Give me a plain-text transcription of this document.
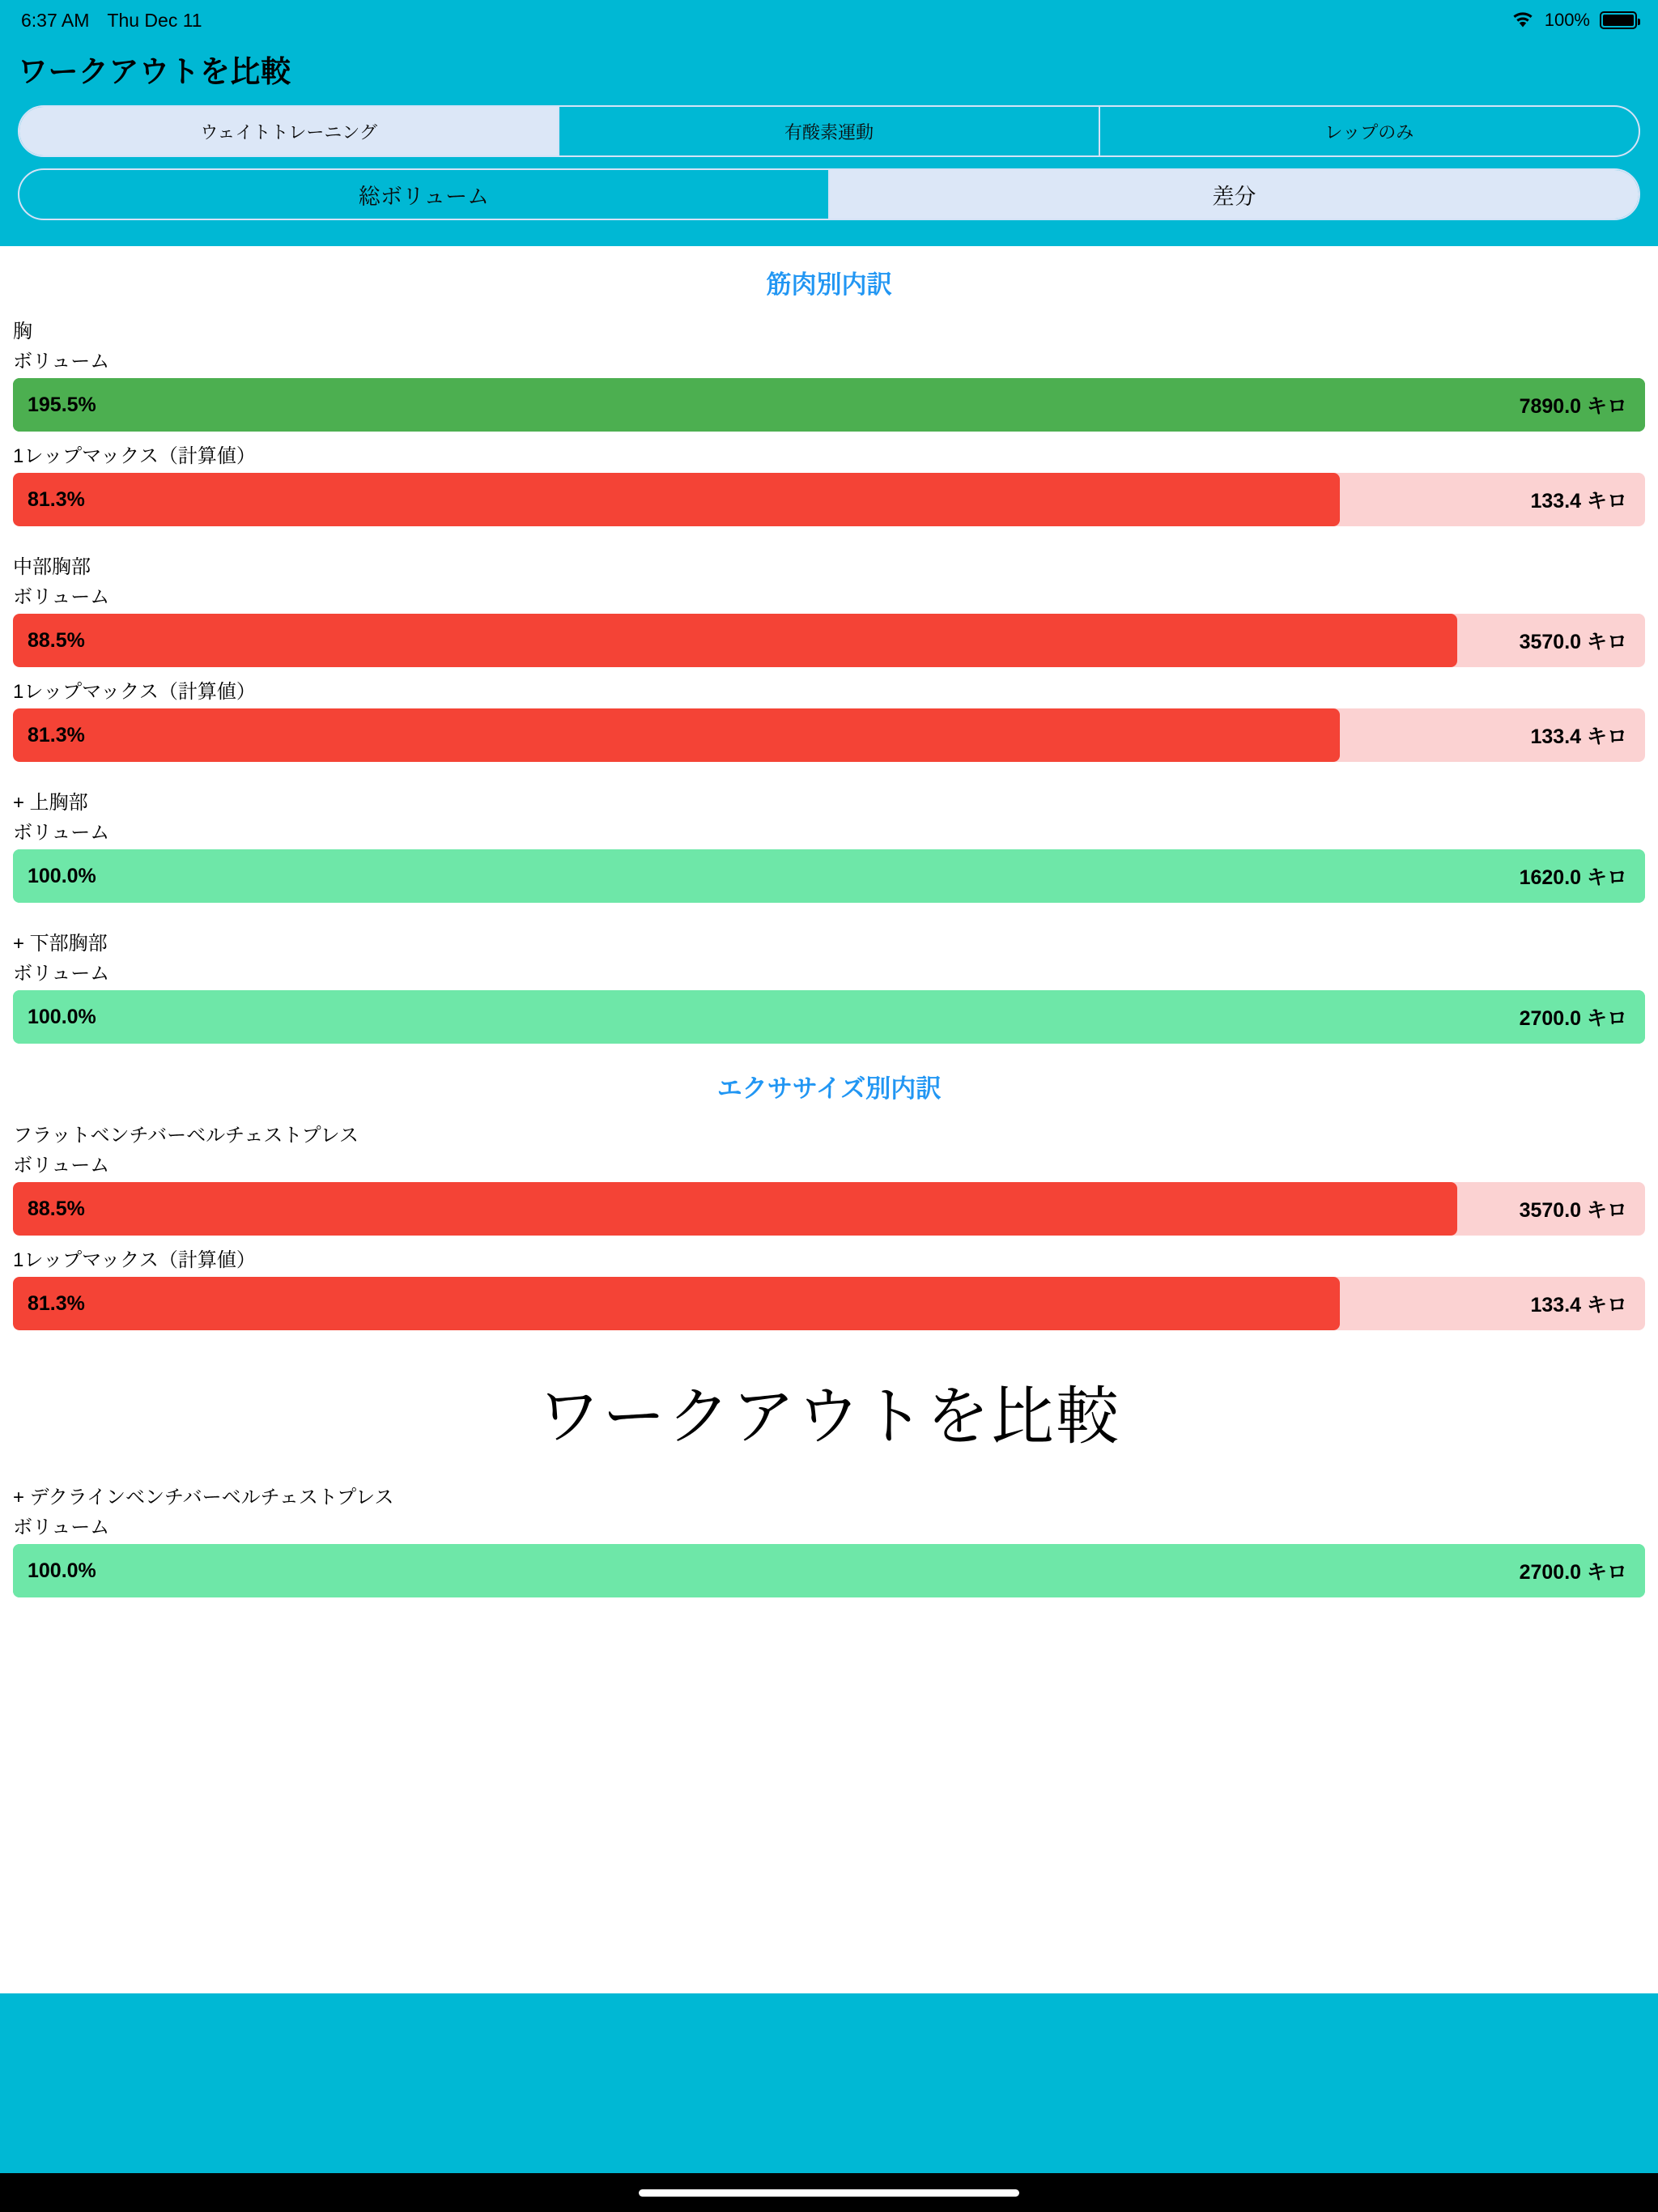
6:37 AM Thu Dec 11	100%
ワークアウトを比較
ウェイトトレーニング	有酸素運動	レップのみ
総ボリューム	差分
筋肉別内訳
胸
ボリューム
195.5%	7890.0 キロ
1レップマックス（計算値）
81.3%	133.4 キロ
中部胸部
ボリューム
88.5%	3570.0 キロ
1レップマックス（計算値）
81.3%	133.4 キロ
+ 上胸部
ボリューム
100.0%	1620.0 キロ
+ 下部胸部
ボリューム
100.0%	2700.0 キロ
エクササイズ別内訳
フラットベンチバーベルチェストプレス
ボリューム
88.5%	3570.0 キロ
1レップマックス（計算値）
81.3%	133.4 キロ
ワークアウトを比較
+ デクラインベンチバーベルチェストプレス
ボリューム
100.0%	2700.0 キロ
